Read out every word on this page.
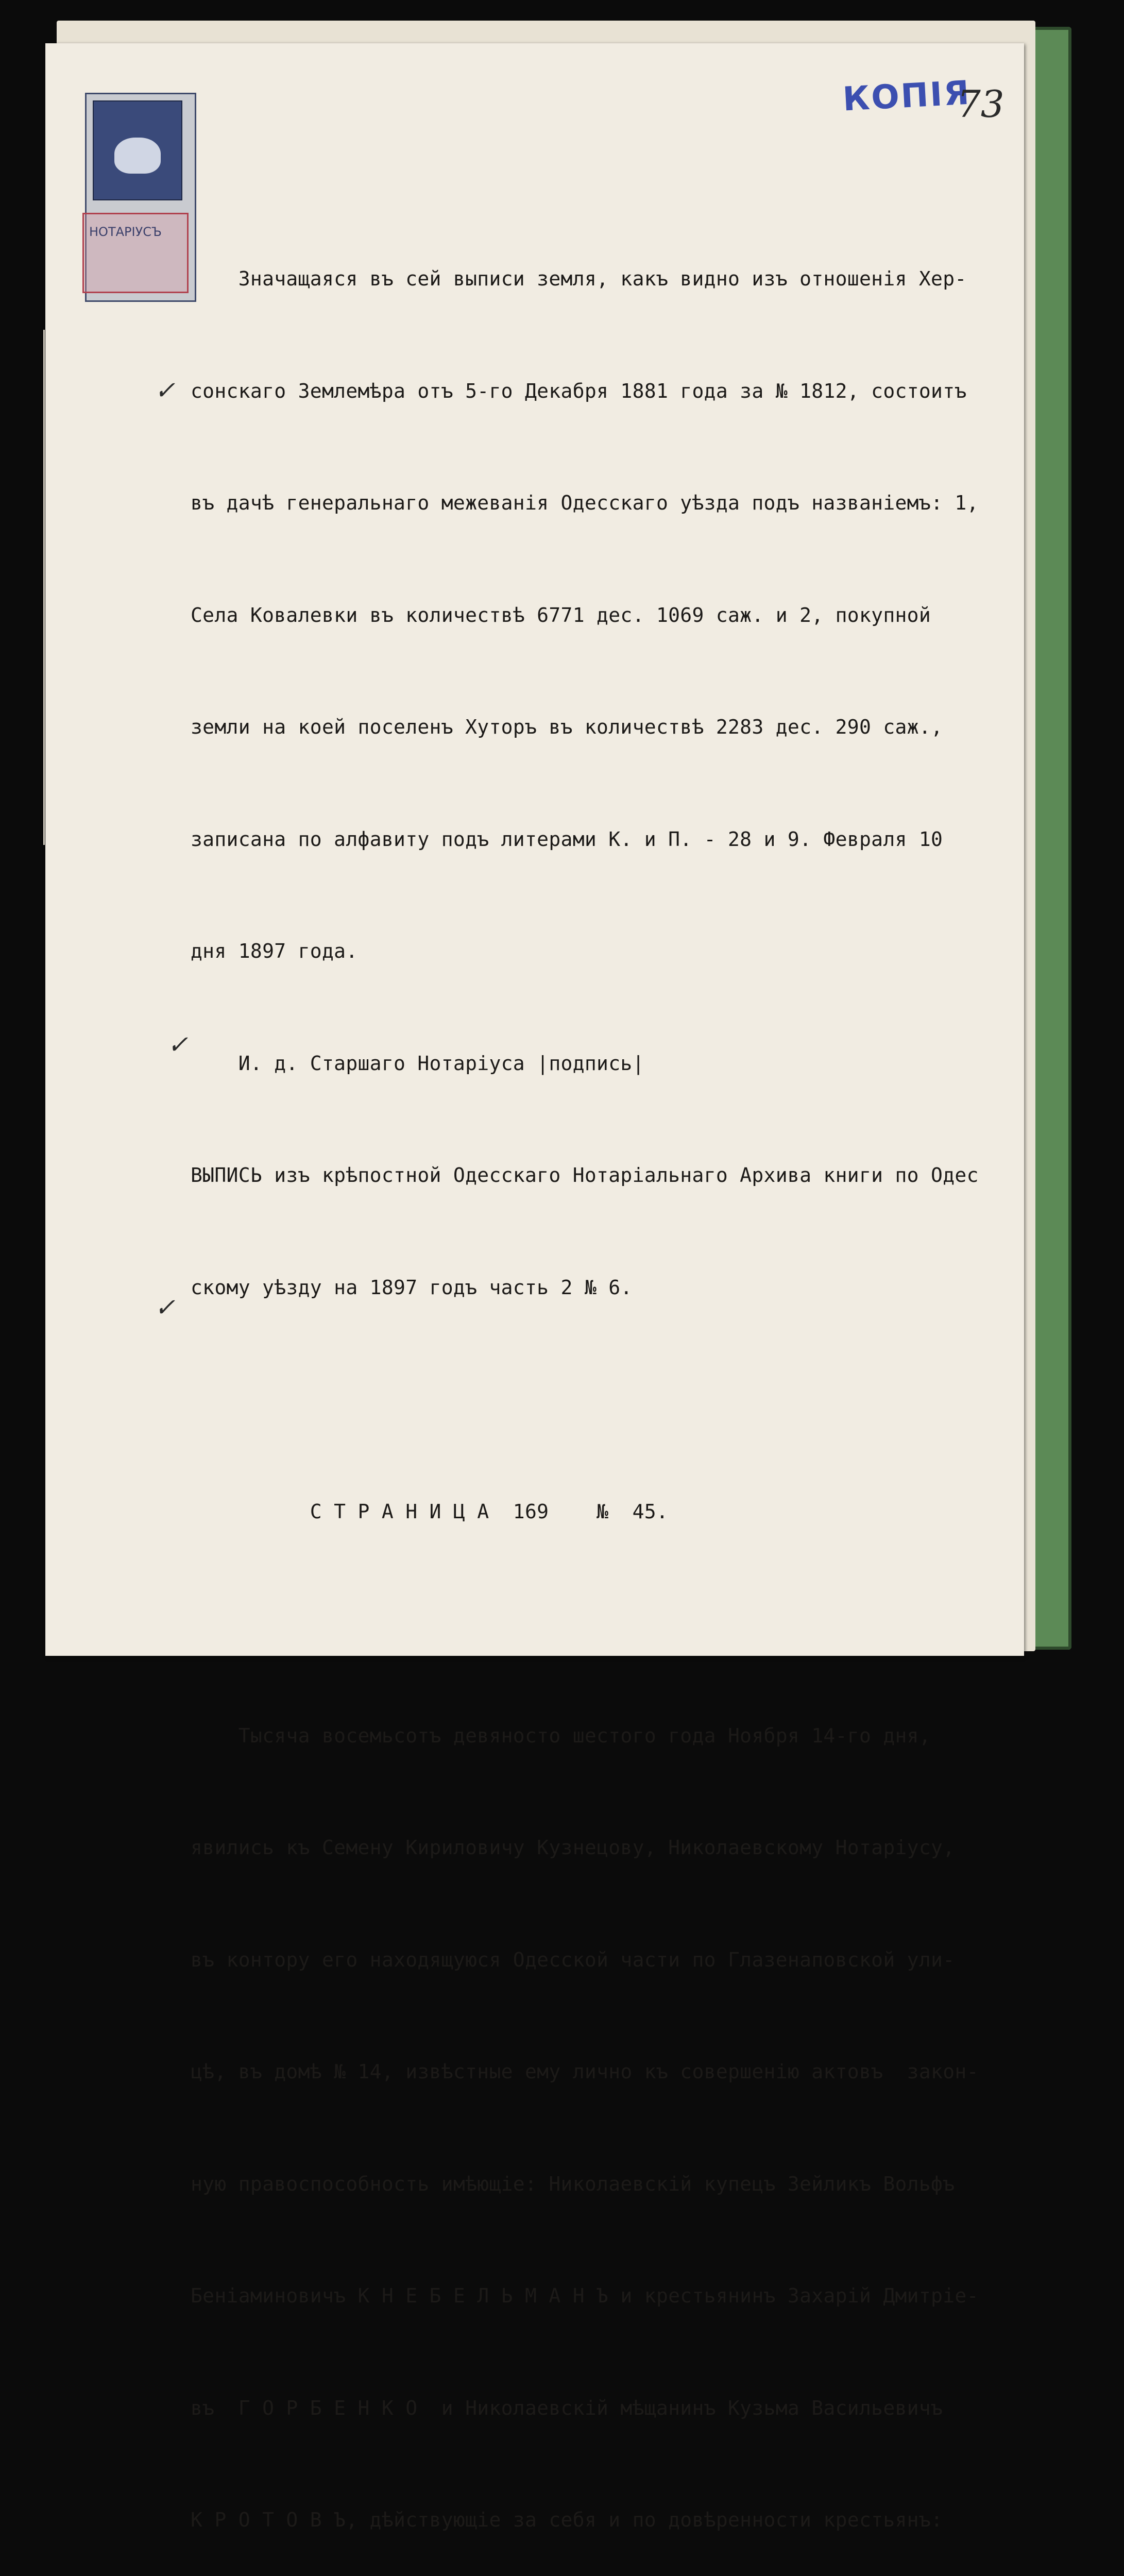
НОТАРІУСЪ
КОПІЯ
73
✓
✓
✓

Значащаяся въ сей выписи земля, какъ видно изъ отношенія Хер-

сонскаго Землемѣра отъ 5-го Декабря 1881 года за № 1812, состоитъ

въ дачѣ генеральнаго межеванія Одесскаго уѣзда подъ названіемъ: 1,

Села Ковалевки въ количествѣ 6771 дес. 1069 саж. и 2, покупной

земли на коей поселенъ Хуторъ въ количествѣ 2283 дес. 290 саж.,

записана по алфавиту подъ литерами К. и П. - 28 и 9. Февраля 10

дня 1897 года.

И. д. Старшаго Нотаріуса |подпись|

ВЫПИСЬ изъ крѣпостной Одесскаго Нотаріальнаго Архива книги по Одес

скому уѣзду на 1897 годъ часть 2 № 6.

С Т Р А Н И Ц А  169    №  45.

Тысяча восемьсотъ девяносто шестого года Ноября 14-го дня,

явились къ Семену Кириловичу Кузнецову, Николаевскому Нотаріусу,

въ контору его находящуюся Одесской части по Глазенаповской ули-

цѣ, въ домѣ № 14, извѣстные ему лично къ совершенію актовъ  закон-

ную правоспособность имѣющіе: Николаевскій купецъ Зейликъ Вольфъ

Беніаминовичъ К Н Е Б Е Л Ь М А Н Ъ и крестьянинъ Захарій Дмитріе-

въ  Г О Р Б Е Н К О  и Николаевскій мѣщанинъ Кузьма Васильевичъ

К Р О Т О В Ъ, дѣйствующіе за себя и по довѣренности крестьянъ:
